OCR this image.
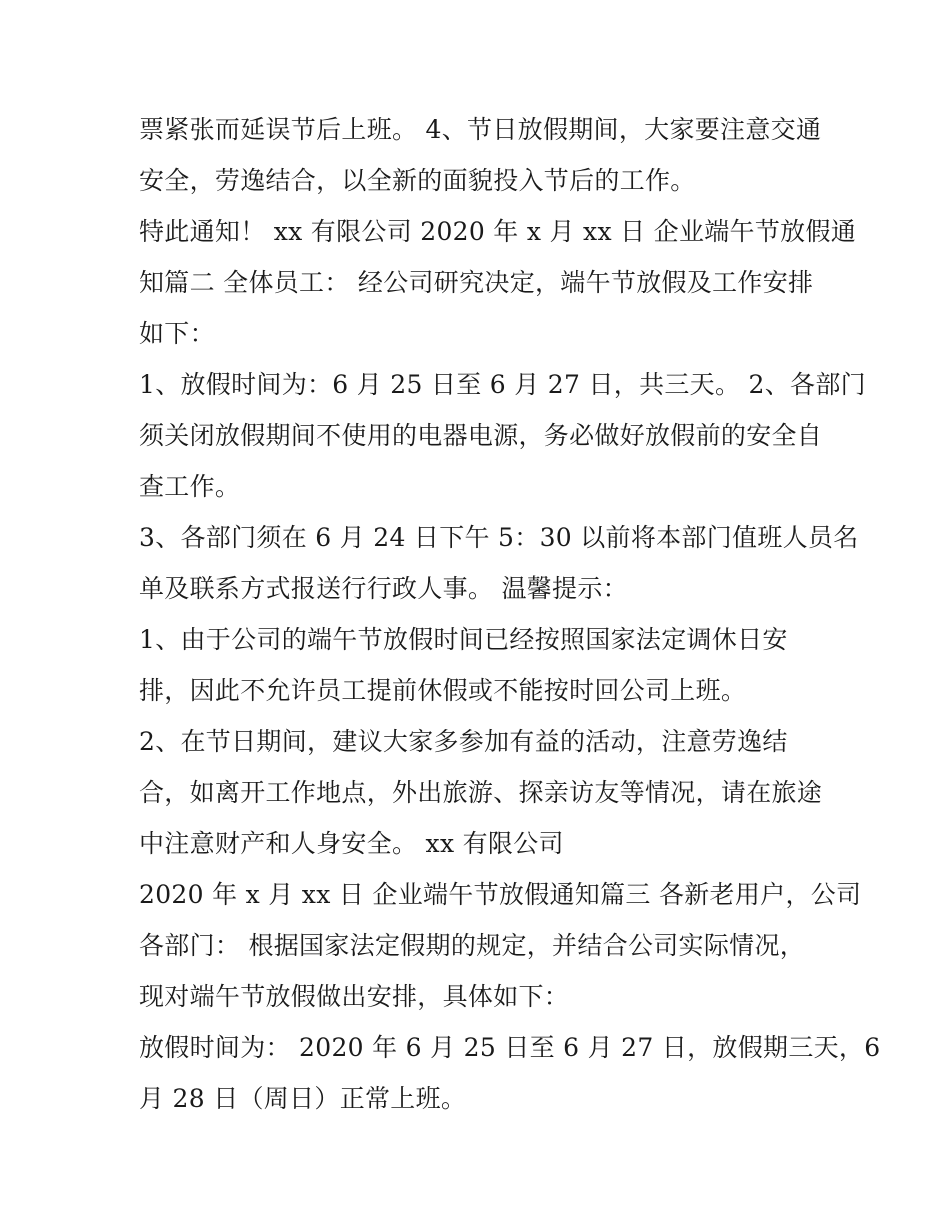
票紧张而延误节后上班。 4、节日放假期间，大家要注意交通
安全，劳逸结合，以全新的面貌投入节后的工作。
特此通知！ xx 有限公司 2020 年 x 月 xx 日 企业端午节放假通
知篇二 全体员工： 经公司研究决定，端午节放假及工作安排
如下：
1、放假时间为：6 月 25 日至 6 月 27 日，共三天。 2、各部门
须关闭放假期间不使用的电器电源，务必做好放假前的安全自
查工作。
3、各部门须在 6 月 24 日下午 5：30 以前将本部门值班人员名
单及联系方式报送行行政人事。 温馨提示：
1、由于公司的端午节放假时间已经按照国家法定调休日安
排，因此不允许员工提前休假或不能按时回公司上班。
2、在节日期间，建议大家多参加有益的活动，注意劳逸结
合，如离开工作地点，外出旅游、探亲访友等情况，请在旅途
中注意财产和人身安全。 xx 有限公司
2020 年 x 月 xx 日 企业端午节放假通知篇三 各新老用户，公司
各部门： 根据国家法定假期的规定，并结合公司实际情况，
现对端午节放假做出安排，具体如下：
放假时间为： 2020 年 6 月 25 日至 6 月 27 日，放假期三天，6
月 28 日（周日）正常上班。
